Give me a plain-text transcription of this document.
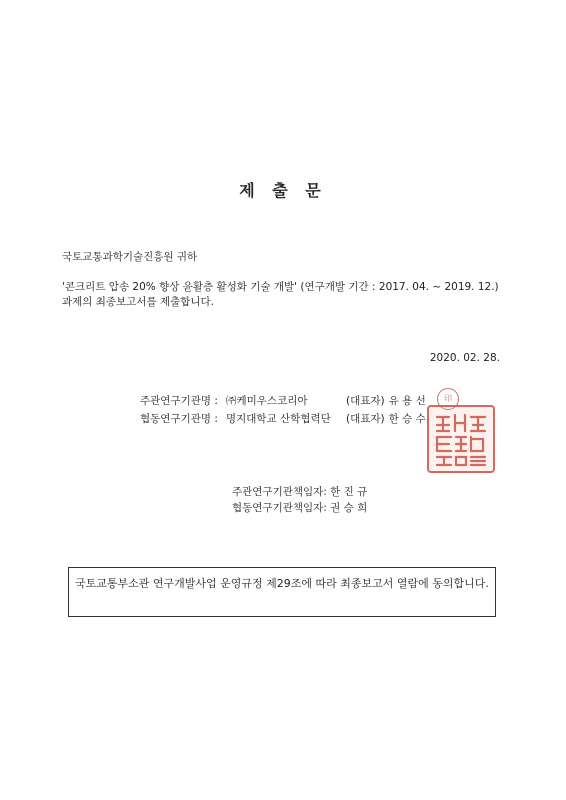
제 출 문
국토교통과학기술진흥원 귀하
'콘크리트 압송 20% 향상 윤활층 활성화 기술 개발' (연구개발 기간 : 2017. 04. ~ 2019. 12.) 과제의 최종보고서를 제출합니다.
2020. 02. 28.
주관연구기관명 :	㈜케미우스코리아	(대표자)	유 용 선
협동연구기관명 :	명지대학교 산학협력단	(대표자)	한 승 수
印
주관연구기관책임자: 한 진 규
협동연구기관책임자: 권 승 희
국토교통부소관 연구개발사업 운영규정 제29조에 따라 최종보고서 열람에 동의합니다.
